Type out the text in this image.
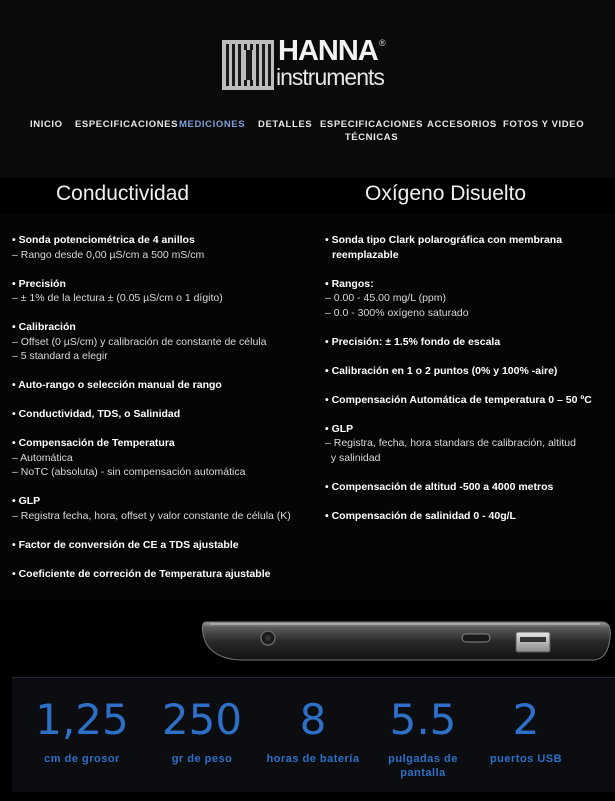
HANNA ®
instruments
INICIO ESPECIFICACIONES MEDICIONES DETALLES ESPECIFICACIONES
TÉCNICAS
ACCESORIOS FOTOS Y VIDEO
Conductividad	Oxígeno Disuelto
• Sonda potenciométrica de 4 anillos
– Rango desde 0,00 µS/cm a 500 mS/cm
• Precisión
– ± 1% de la lectura ± (0.05 µS/cm o 1 dígito)
• Calibración
– Offset (0 µS/cm) y calibración de constante de célula
– 5 standard a elegir
• Auto-rango o selección manual de rango
• Conductividad, TDS, o Salinidad
• Compensación de Temperatura
– Automática
– NoTC (absoluta) - sin compensación automática
• GLP
– Registra fecha, hora, offset y valor constante de célula (K)
• Factor de conversión de CE a TDS ajustable
• Coeficiente de correción de Temperatura ajustable
• Sonda tipo Clark polarográfica con membrana
reemplazable
• Rangos:
– 0.00 - 45.00 mg/L (ppm)
– 0.0 - 300% oxígeno saturado
• Precisión: ± 1.5% fondo de escala
• Calibración en 1 o 2 puntos (0% y 100% -aire)
• Compensación Automática de temperatura 0 – 50 ºC
• GLP
– Registra, fecha, hora standars de calibración, altitud
y salinidad
• Compensación de altitud -500 a 4000 metros
• Compensación de salinidad 0 - 40g/L
1,25
cm de grosor
250
gr de peso
8
horas de batería
5.5
pulgadas de
pantalla
2
puertos USB
